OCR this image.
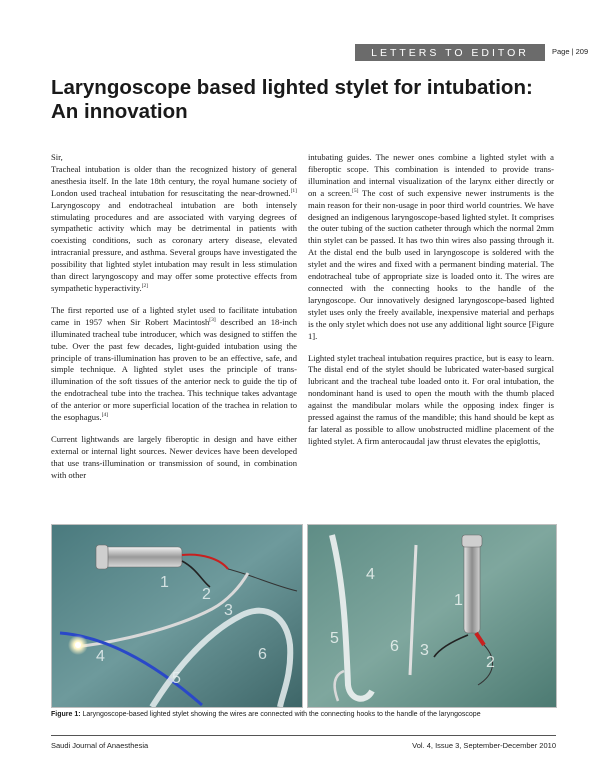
LETTERS TO EDITOR	Page | 209
Laryngoscope based lighted stylet for intubation:
An innovation

Sir,

Tracheal intubation is older than the recognized history of general anesthesia itself. In the late 18th century, the royal humane society of London used tracheal intubation for resuscitating the near-drowned.[1] Laryngoscopy and endotracheal intubation are both intensely stimulating procedures and are associated with varying degrees of sympathetic activity which may be detrimental in patients with coexisting conditions, such as coronary artery disease, elevated intracranial pressure, and asthma. Several groups have investigated the possibility that lighted stylet intubation may result in less stimulation than direct laryngoscopy and may offer some protective effects from sympathetic hyperactivity.[2]

The first reported use of a lighted stylet used to facilitate intubation came in 1957 when Sir Robert Macintosh[3] described an 18-inch illuminated tracheal tube introducer, which was designed to stiffen the tube. Over the past few decades, light-guided intubation using the principle of trans-illumination has proven to be an effective, safe, and simple technique. A lighted stylet uses the principle of trans-illumination of the soft tissues of the anterior neck to guide the tip of the endotracheal tube into the trachea. This technique takes advantage of the anterior or more superficial location of the trachea in relation to the esophagus.[4]

Current lightwands are largely fiberoptic in design and have either external or internal light sources. Newer devices have been developed that use trans-illumination or transmission of sound, in combination with other

intubating guides. The newer ones combine a lighted stylet with a fiberoptic scope. This combination is intended to provide trans-illumination and internal visualization of the larynx either directly or on a screen.[5] The cost of such expensive newer instruments is the main reason for their non-usage in poor third world countries. We have designed an indigenous laryngoscope-based lighted stylet. It comprises the outer tubing of the suction catheter through which the normal 2mm thin stylet can be passed. It has two thin wires also passing through it. At the distal end the bulb used in laryngoscope is soldered with the stylet and the wires and fixed with a permanent binding material. The endotracheal tube of appropriate size is loaded onto it. The wires are connected with the connecting hooks to the handle of the laryngoscope. Our innovatively designed laryngoscope-based lighted stylet uses only the freely available, inexpensive material and perhaps is the only stylet which does not use any additional light source [Figure 1].

Lighted stylet tracheal intubation requires practice, but is easy to learn. The distal end of the stylet should be lubricated water-based surgical lubricant and the tracheal tube loaded onto it. For oral intubation, the nondominant hand is used to open the mouth with the thumb placed against the mandibular molars while the opposing index finger is pressed against the ramus of the mandible; this hand should be kept as far lateral as possible to allow unobstructed midline placement of the lighted stylet. A firm anterocaudal jaw thrust elevates the epiglottis,

1
2
3
4
5
6
1
2
3
4
5	6
Figure 1: Laryngoscope-based lighted stylet showing the wires are connected with the connecting hooks to the handle of the laryngoscope
Saudi Journal of Anaesthesia	Vol. 4, Issue 3, September-December 2010
